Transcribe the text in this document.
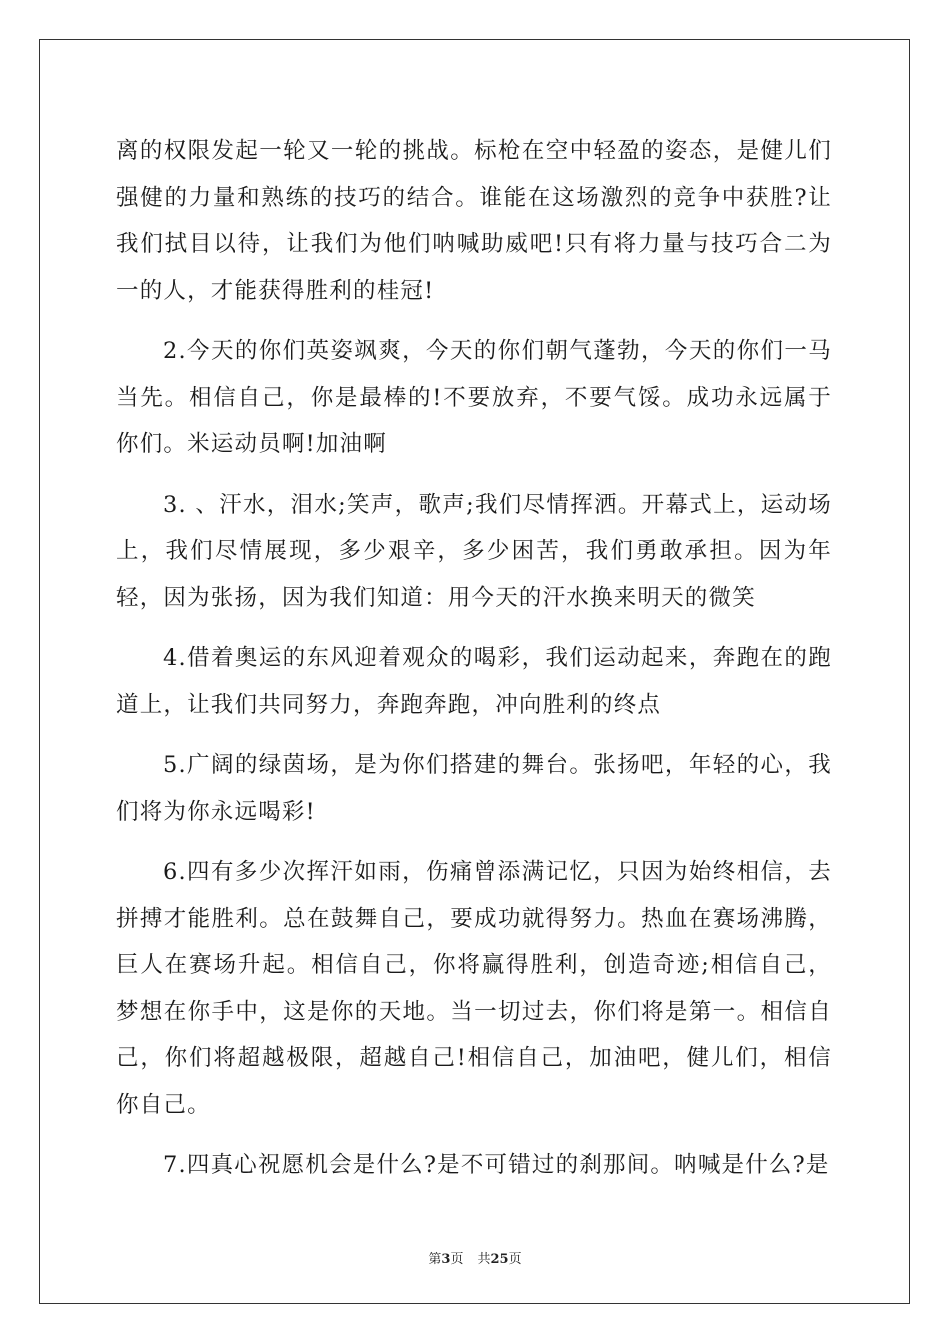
离的权限发起一轮又一轮的挑战。标枪在空中轻盈的姿态，是健儿们强健的力量和熟练的技巧的结合。谁能在这场激烈的竞争中获胜?让我们拭目以待，让我们为他们呐喊助威吧!只有将力量与技巧合二为一的人，才能获得胜利的桂冠!

2.今天的你们英姿飒爽，今天的你们朝气蓬勃，今天的你们一马当先。相信自己，你是最棒的!不要放弃，不要气馁。成功永远属于你们。米运动员啊!加油啊

3. 、汗水，泪水;笑声，歌声;我们尽情挥洒。开幕式上，运动场上，我们尽情展现，多少艰辛，多少困苦，我们勇敢承担。因为年轻，因为张扬，因为我们知道：用今天的汗水换来明天的微笑

4.借着奥运的东风迎着观众的喝彩，我们运动起来，奔跑在的跑道上，让我们共同努力，奔跑奔跑，冲向胜利的终点

5.广阔的绿茵场，是为你们搭建的舞台。张扬吧，年轻的心，我们将为你永远喝彩!

6.四有多少次挥汗如雨，伤痛曾添满记忆，只因为始终相信，去拼搏才能胜利。总在鼓舞自己，要成功就得努力。热血在赛场沸腾，巨人在赛场升起。相信自己，你将赢得胜利，创造奇迹;相信自己，梦想在你手中，这是你的天地。当一切过去，你们将是第一。相信自己，你们将超越极限，超越自己!相信自己，加油吧，健儿们，相信你自己。

7.四真心祝愿机会是什么?是不可错过的刹那间。呐喊是什么?是

第3页 共25页
